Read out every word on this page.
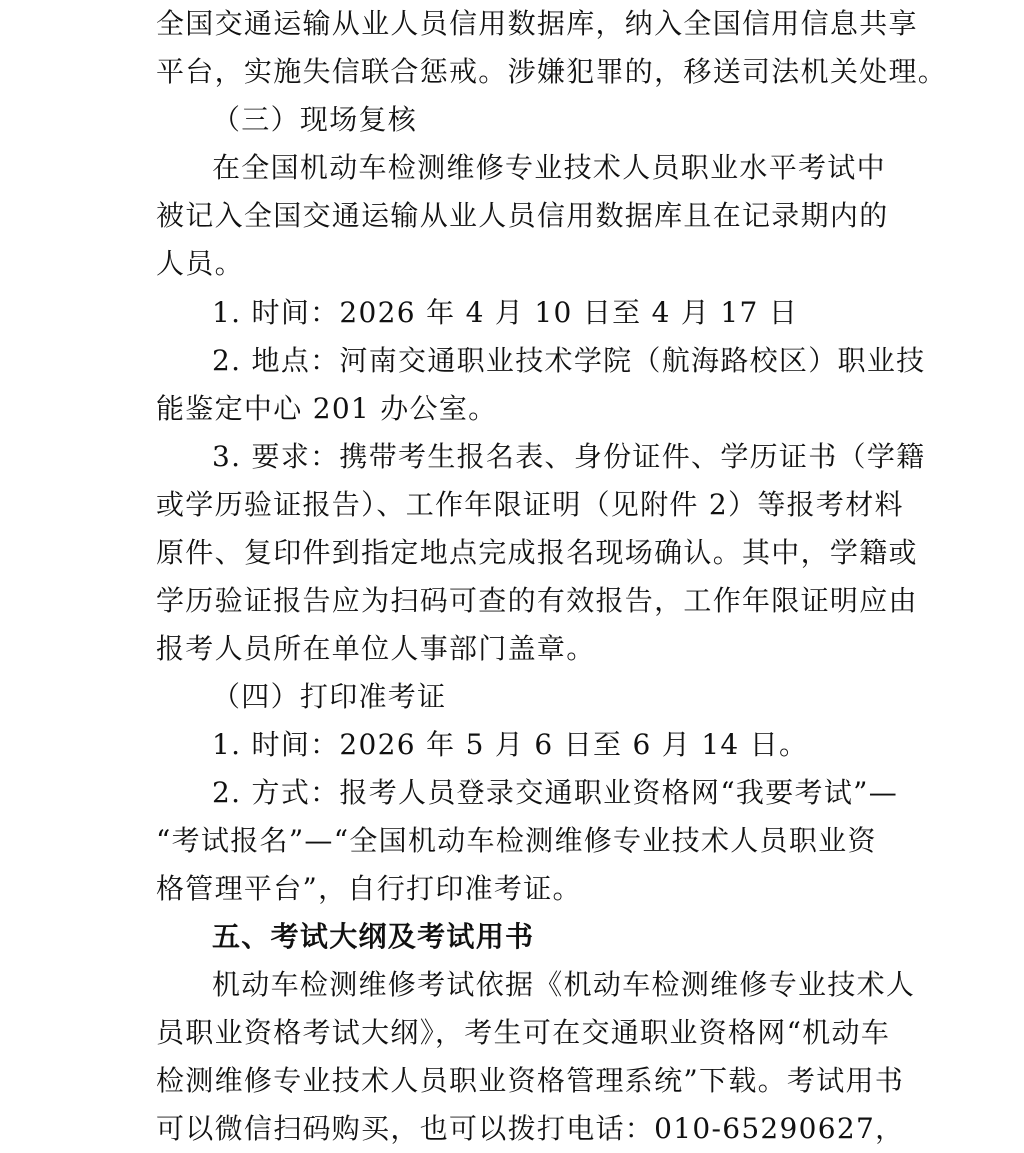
全国交通运输从业人员信用数据库，纳入全国信用信息共享
平台，实施失信联合惩戒。涉嫌犯罪的，移送司法机关处理。
（三）现场复核
在全国机动车检测维修专业技术人员职业水平考试中
被记入全国交通运输从业人员信用数据库且在记录期内的
人员。
1. 时间：2026 年 4 月 10 日至 4 月 17 日
2. 地点：河南交通职业技术学院（航海路校区）职业技
能鉴定中心 201 办公室。
3. 要求：携带考生报名表、身份证件、学历证书（学籍
或学历验证报告）、工作年限证明（见附件 2）等报考材料
原件、复印件到指定地点完成报名现场确认。其中，学籍或
学历验证报告应为扫码可查的有效报告，工作年限证明应由
报考人员所在单位人事部门盖章。
（四）打印准考证
1. 时间：2026 年 5 月 6 日至 6 月 14 日。
2. 方式：报考人员登录交通职业资格网“我要考试”—
“考试报名”—“全国机动车检测维修专业技术人员职业资
格管理平台”，自行打印准考证。
五、考试大纲及考试用书
机动车检测维修考试依据《机动车检测维修专业技术人
员职业资格考试大纲》，考生可在交通职业资格网“机动车
检测维修专业技术人员职业资格管理系统”下载。考试用书
可以微信扫码购买，也可以拨打电话：010-65290627，
